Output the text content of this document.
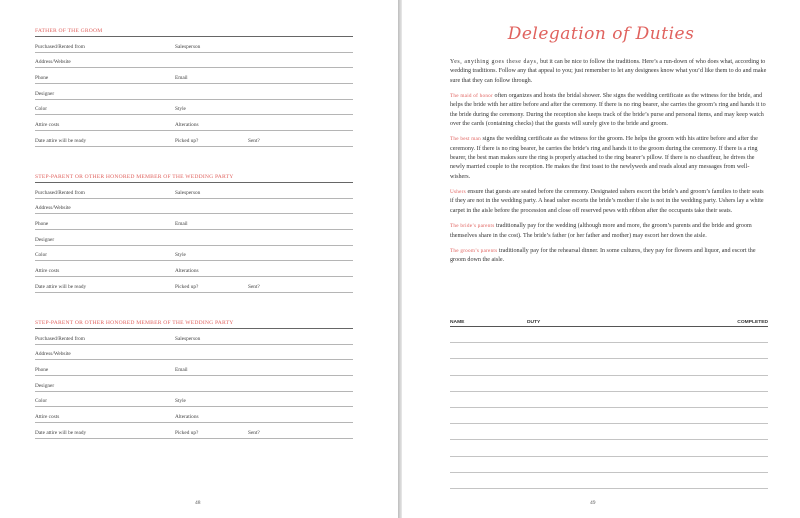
FATHER OF THE GROOM
Purchased/Rented from	Salesperson
Address/Website
Phone	Email
Designer
Color	Style
Attire costs	Alterations
Date attire will be ready	Picked up?	Sent?
STEP-PARENT OR OTHER HONORED MEMBER OF THE WEDDING PARTY
Purchased/Rented from	Salesperson
Address/Website
Phone	Email
Designer
Color	Style
Attire costs	Alterations
Date attire will be ready	Picked up?	Sent?
STEP-PARENT OR OTHER HONORED MEMBER OF THE WEDDING PARTY
Purchased/Rented from	Salesperson
Address/Website
Phone	Email
Designer
Color	Style
Attire costs	Alterations
Date attire will be ready	Picked up?	Sent?
48
Delegation of Duties

Yes, anything goes these days, but it can be nice to follow the traditions. Here’s a run-down of who does what, according to wedding traditions. Follow any that appeal to you; just remember to let any designees know what you’d like them to do and make sure that they can follow through.

The maid of honor often organizes and hosts the bridal shower. She signs the wedding certificate as the witness for the bride, and helps the bride with her attire before and after the ceremony. If there is no ring bearer, she carries the groom’s ring and hands it to the bride during the ceremony. During the reception she keeps track of the bride’s purse and personal items, and may keep watch over the cards (containing checks) that the guests will surely give to the bride and groom.

The best man signs the wedding certificate as the witness for the groom. He helps the groom with his attire before and after the ceremony. If there is no ring bearer, he carries the bride’s ring and hands it to the groom during the ceremony. If there is a ring bearer, the best man makes sure the ring is properly attached to the ring bearer’s pillow. If there is no chauffeur, he drives the newly married couple to the reception. He makes the first toast to the newlyweds and reads aloud any messages from well-wishers.

Ushers ensure that guests are seated before the ceremony. Designated ushers escort the bride’s and groom’s families to their seats if they are not in the wedding party. A head usher escorts the bride’s mother if she is not in the wedding party. Ushers lay a white carpet in the aisle before the procession and close off reserved pews with ribbon after the occupants take their seats.

The bride’s parents traditionally pay for the wedding (although more and more, the groom’s parents and the bride and groom themselves share in the cost). The bride’s father (or her father and mother) may escort her down the aisle.

The groom’s parents traditionally pay for the rehearsal dinner. In some cultures, they pay for flowers and liquor, and escort the groom down the aisle.

NAME	DUTY	COMPLETED
49
